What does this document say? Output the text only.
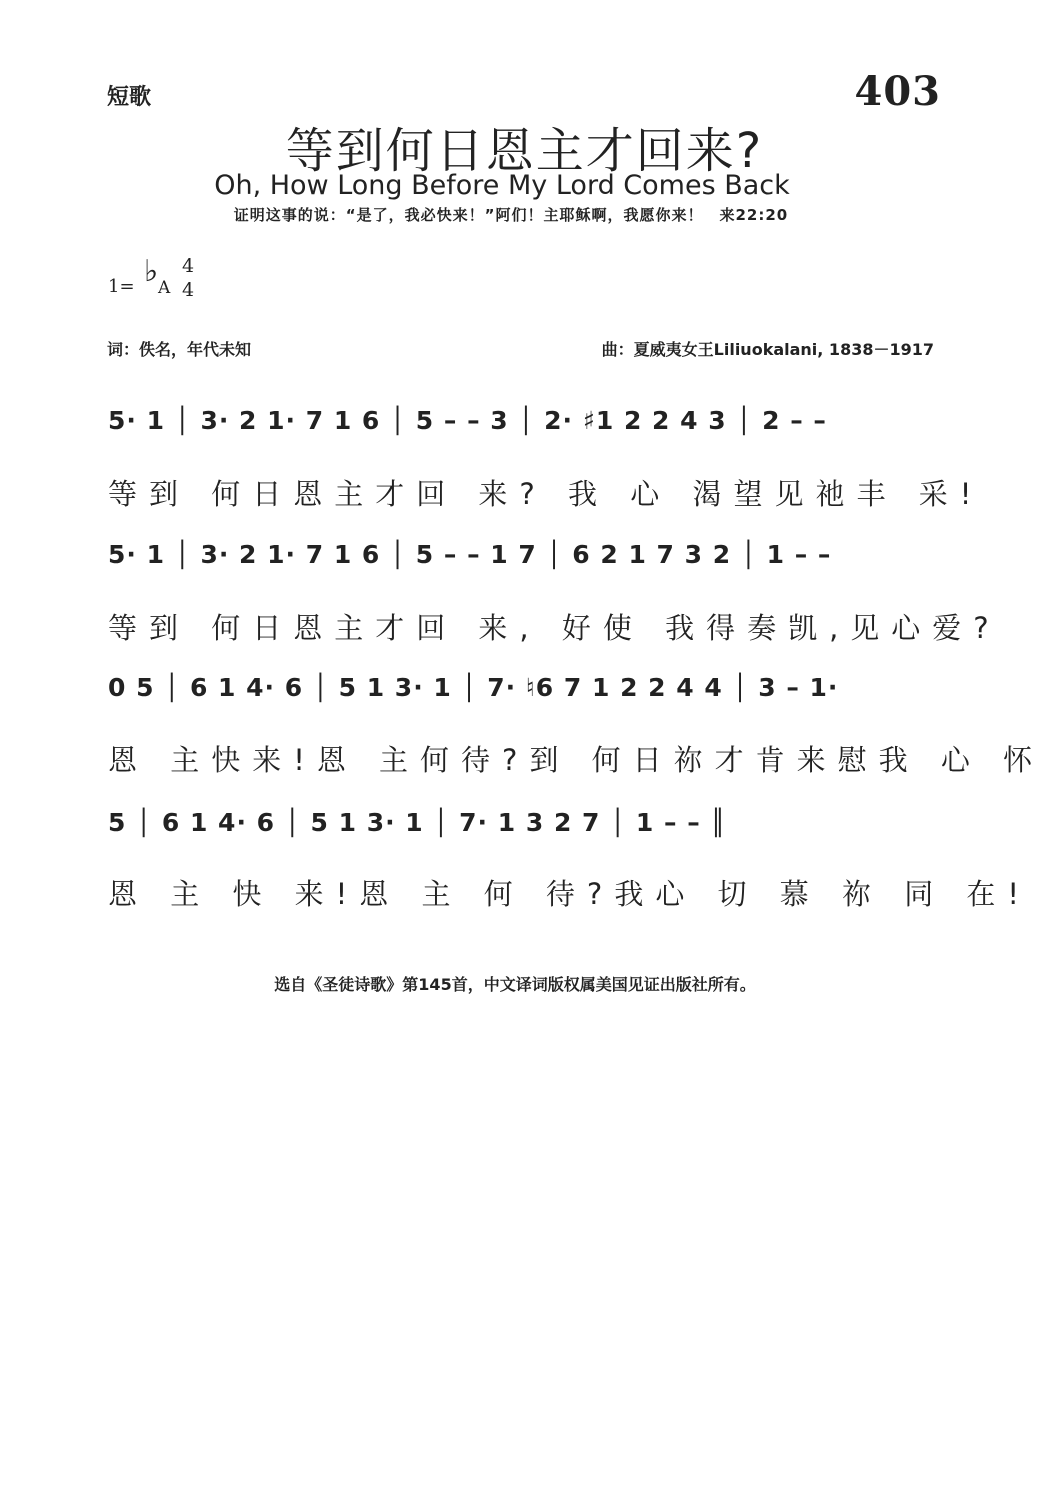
短歌	403
等到何日恩主才回来?
Oh, How Long Before My Lord Comes Back
证明这事的说：“是了，我必快来！”阿们！主耶稣啊，我愿你来！　来22:20
1= ♭ A
4
4
词：佚名，年代未知	曲：夏威夷女王Liliuokalani, 1838－1917
5· 1 │ 3· 2 1· 7 1 6 │ 5 – – 3 │ 2· ♯1 2 2 4 3 │ 2 – –
等到 何日恩主才回 来? 我 心 渴望见祂丰 采!
5· 1 │ 3· 2 1· 7 1 6 │ 5 – – 1 7 │ 6 2 1 7 3 2 │ 1 – –
等到 何日恩主才回 来, 好使 我得奏凯,见心爱?
0 5 │ 6 1 4· 6 │ 5 1 3· 1 │ 7· ♮6 7 1 2 2 4 4 │ 3 – 1·
恩 主快来!恩 主何待?到 何日祢才肯来慰我 心 怀
5 │ 6 1 4· 6 │ 5 1 3· 1 │ 7· 1 3 2 7 │ 1 – – ║
恩 主 快 来!恩 主 何 待?我心 切 慕 祢 同 在!
选自《圣徒诗歌》第145首，中文译词版权属美国见证出版社所有。
